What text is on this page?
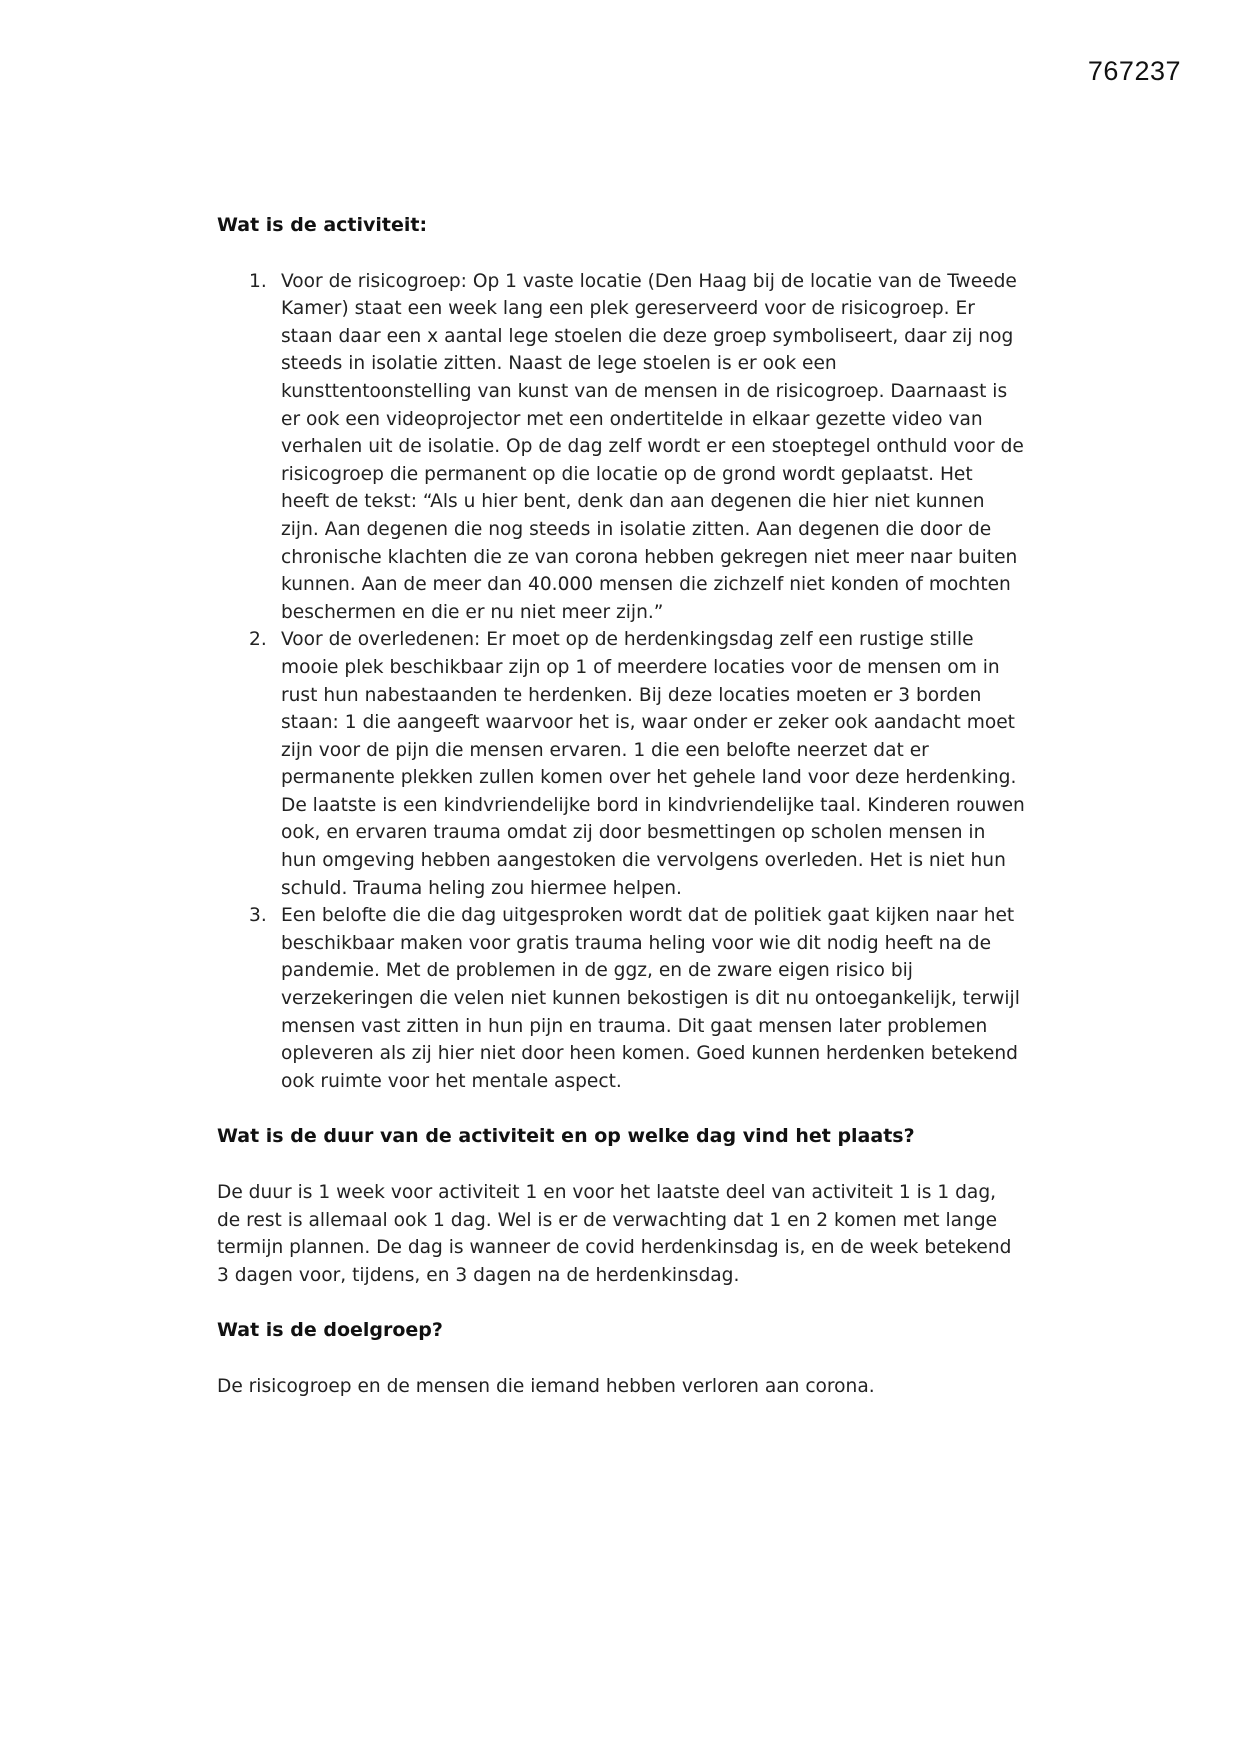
767237
Wat is de activiteit:
1. Voor de risicogroep: Op 1 vaste locatie (Den Haag bij de locatie van de Tweede Kamer) staat een week lang een plek gereserveerd voor de risicogroep. Er staan daar een x aantal lege stoelen die deze groep symboliseert, daar zij nog steeds in isolatie zitten. Naast de lege stoelen is er ook een kunsttentoonstelling van kunst van de mensen in de risicogroep. Daarnaast is er ook een videoprojector met een ondertitelde in elkaar gezette video van verhalen uit de isolatie. Op de dag zelf wordt er een stoeptegel onthuld voor de risicogroep die permanent op die locatie op de grond wordt geplaatst. Het heeft de tekst: “Als u hier bent, denk dan aan degenen die hier niet kunnen zijn. Aan degenen die nog steeds in isolatie zitten. Aan degenen die door de chronische klachten die ze van corona hebben gekregen niet meer naar buiten kunnen. Aan de meer dan 40.000 mensen die zichzelf niet konden of mochten beschermen en die er nu niet meer zijn.”
2. Voor de overledenen: Er moet op de herdenkingsdag zelf een rustige stille mooie plek beschikbaar zijn op 1 of meerdere locaties voor de mensen om in rust hun nabestaanden te herdenken. Bij deze locaties moeten er 3 borden staan: 1 die aangeeft waarvoor het is, waar onder er zeker ook aandacht moet zijn voor de pijn die mensen ervaren. 1 die een belofte neerzet dat er permanente plekken zullen komen over het gehele land voor deze herdenking. De laatste is een kindvriendelijke bord in kindvriendelijke taal. Kinderen rouwen ook, en ervaren trauma omdat zij door besmettingen op scholen mensen in hun omgeving hebben aangestoken die vervolgens overleden. Het is niet hun schuld. Trauma heling zou hiermee helpen.
3. Een belofte die die dag uitgesproken wordt dat de politiek gaat kijken naar het beschikbaar maken voor gratis trauma heling voor wie dit nodig heeft na de pandemie. Met de problemen in de ggz, en de zware eigen risico bij verzekeringen die velen niet kunnen bekostigen is dit nu ontoegankelijk, terwijl mensen vast zitten in hun pijn en trauma. Dit gaat mensen later problemen opleveren als zij hier niet door heen komen. Goed kunnen herdenken betekend ook ruimte voor het mentale aspect.
Wat is de duur van de activiteit en op welke dag vind het plaats?

De duur is 1 week voor activiteit 1 en voor het laatste deel van activiteit 1 is 1 dag, de rest is allemaal ook 1 dag. Wel is er de verwachting dat 1 en 2 komen met lange termijn plannen. De dag is wanneer de covid herdenkinsdag is, en de week betekend 3 dagen voor, tijdens, en 3 dagen na de herdenkinsdag.

Wat is de doelgroep?

De risicogroep en de mensen die iemand hebben verloren aan corona.
